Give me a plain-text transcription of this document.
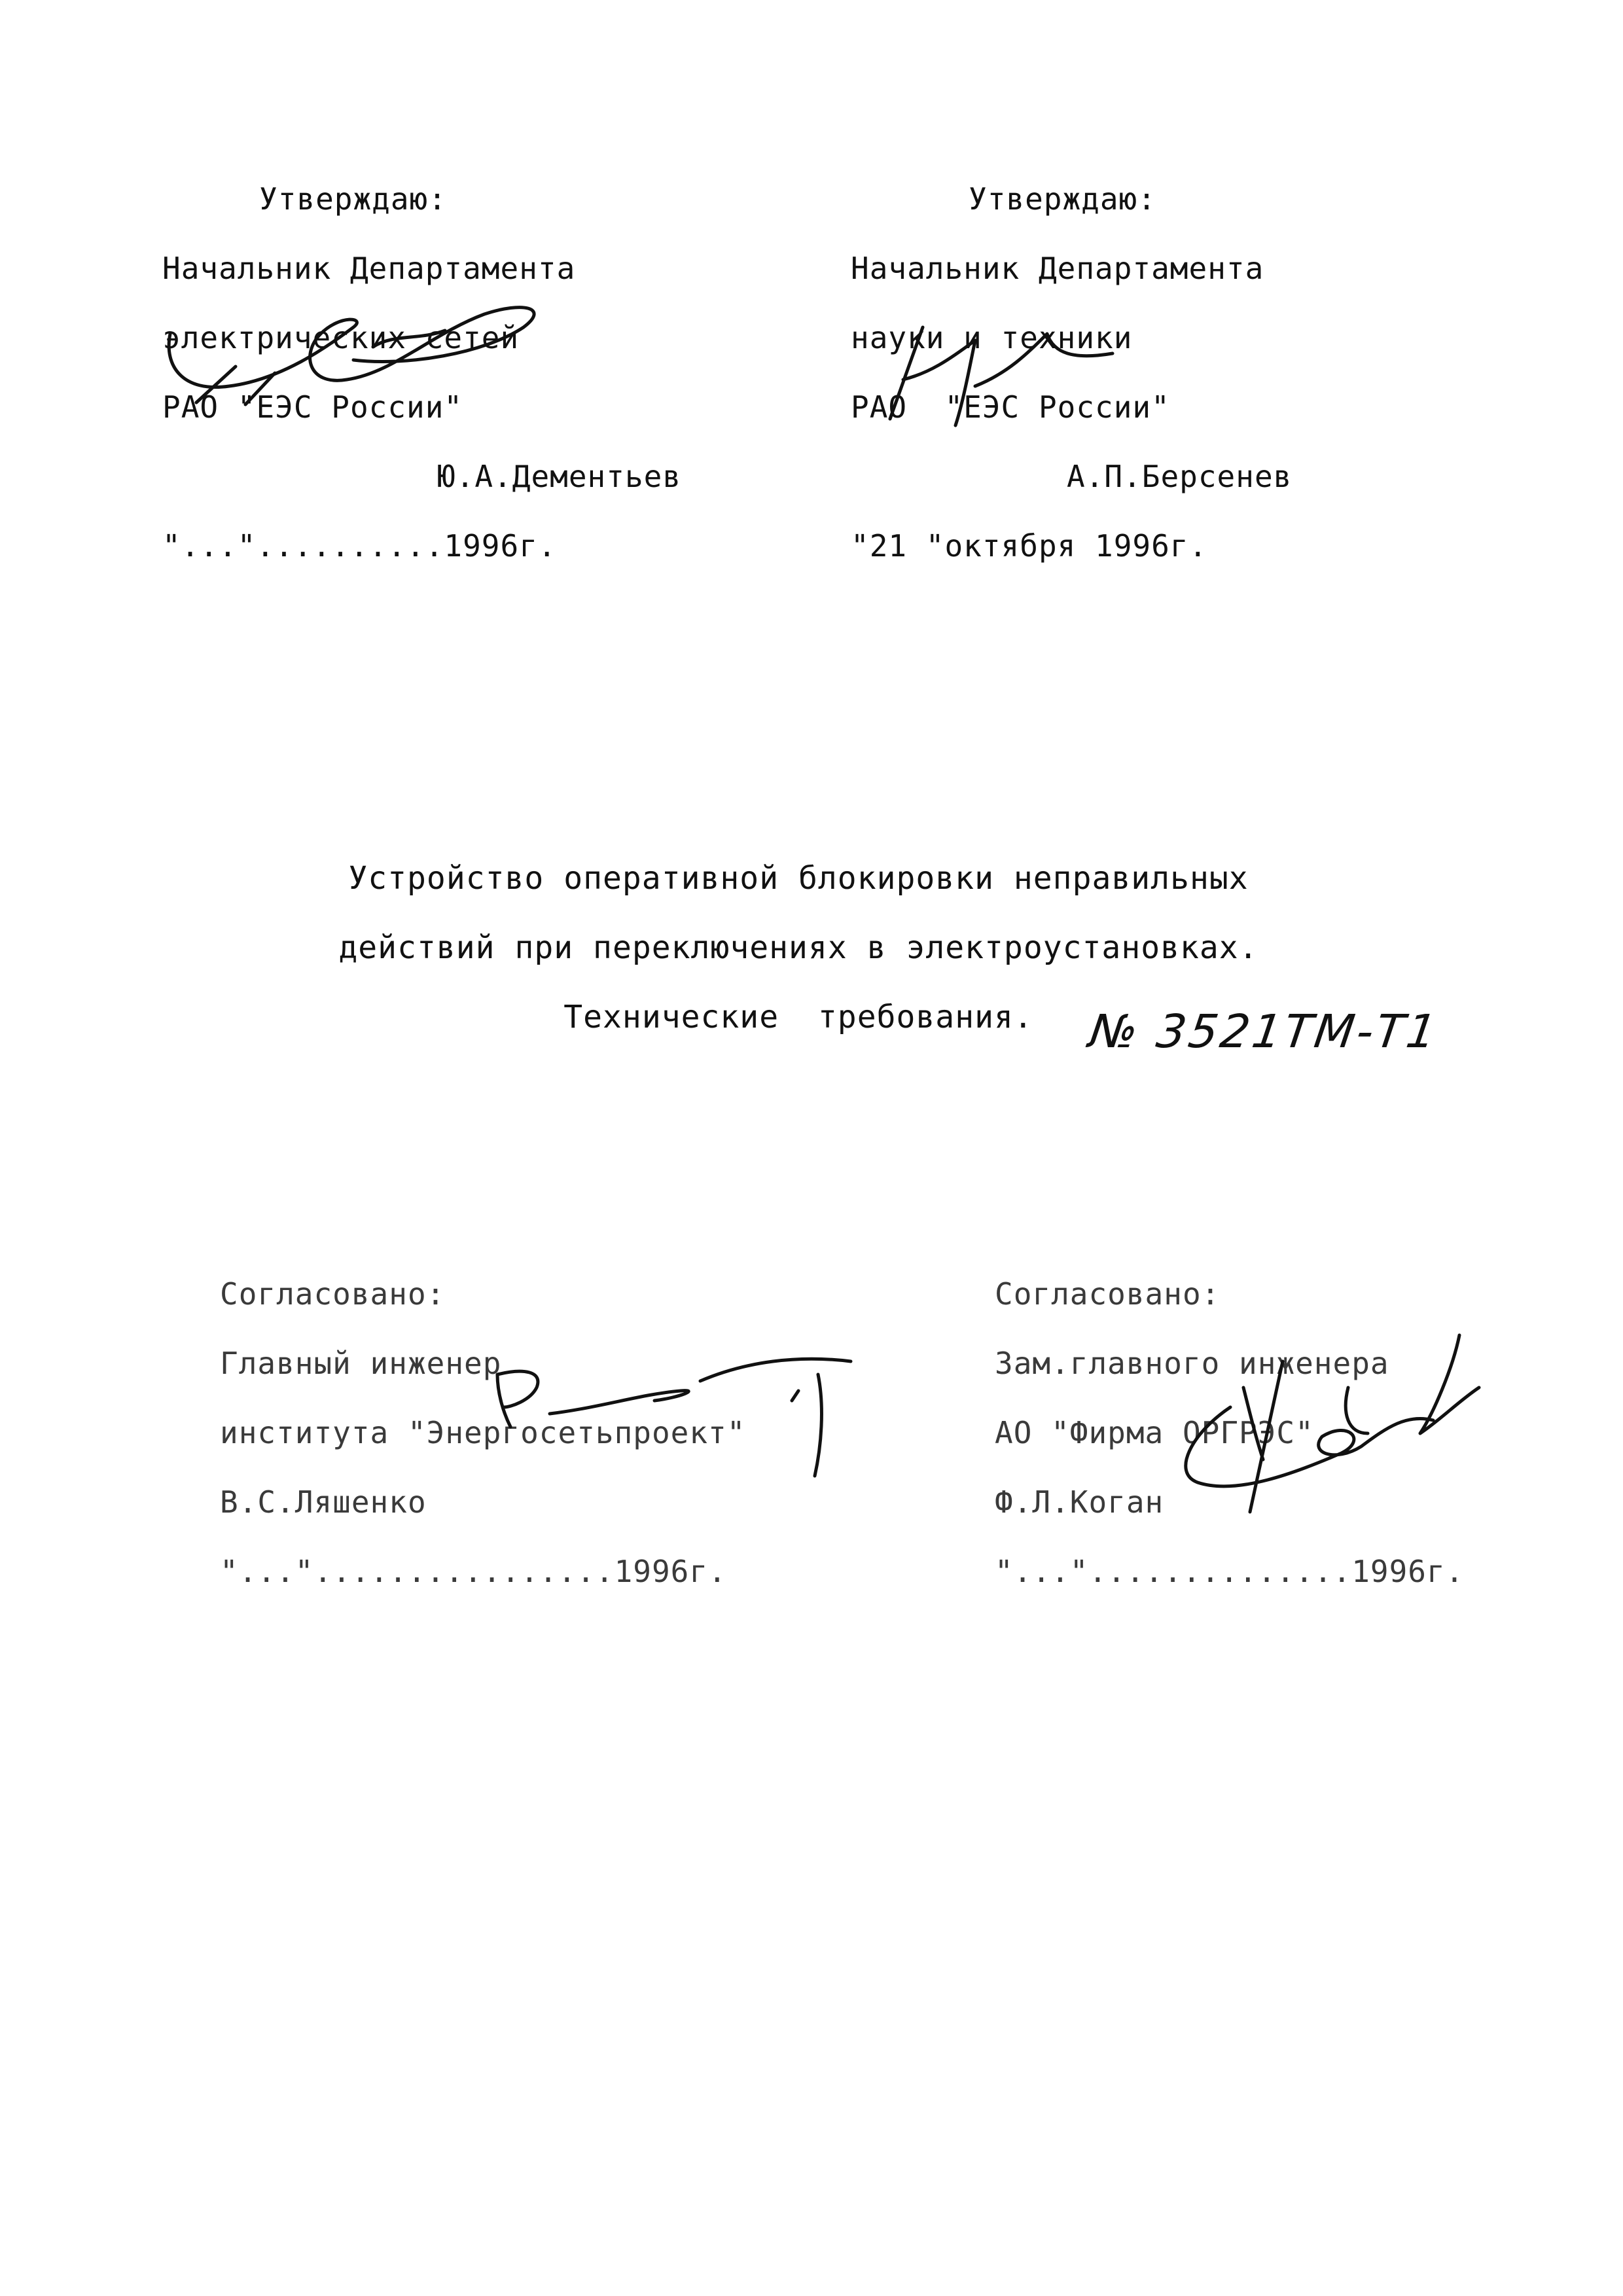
Утверждаю:

Начальник Департамента

электрических сетей

РАО "ЕЭС России"

Ю.А.Дементьев

"..."..........1996г.

Утверждаю:

Начальник Департамента

науки и техники

РАО  "ЕЭС России"

А.П.Берсенев

"21 "октября 1996г.

Устройство оперативной блокировки неправильных

действий при переключениях в электроустановках.

Технические  требования.	№ 3521ТМ-Т1

Согласовано:

Главный инженер

института "Энергосетьпроект"

В.С.Ляшенко

"..."................1996г.

Согласовано:

Зам.главного инженера

АО "Фирма ОРГРЭС"

Ф.Л.Коган

"..."..............1996г.
